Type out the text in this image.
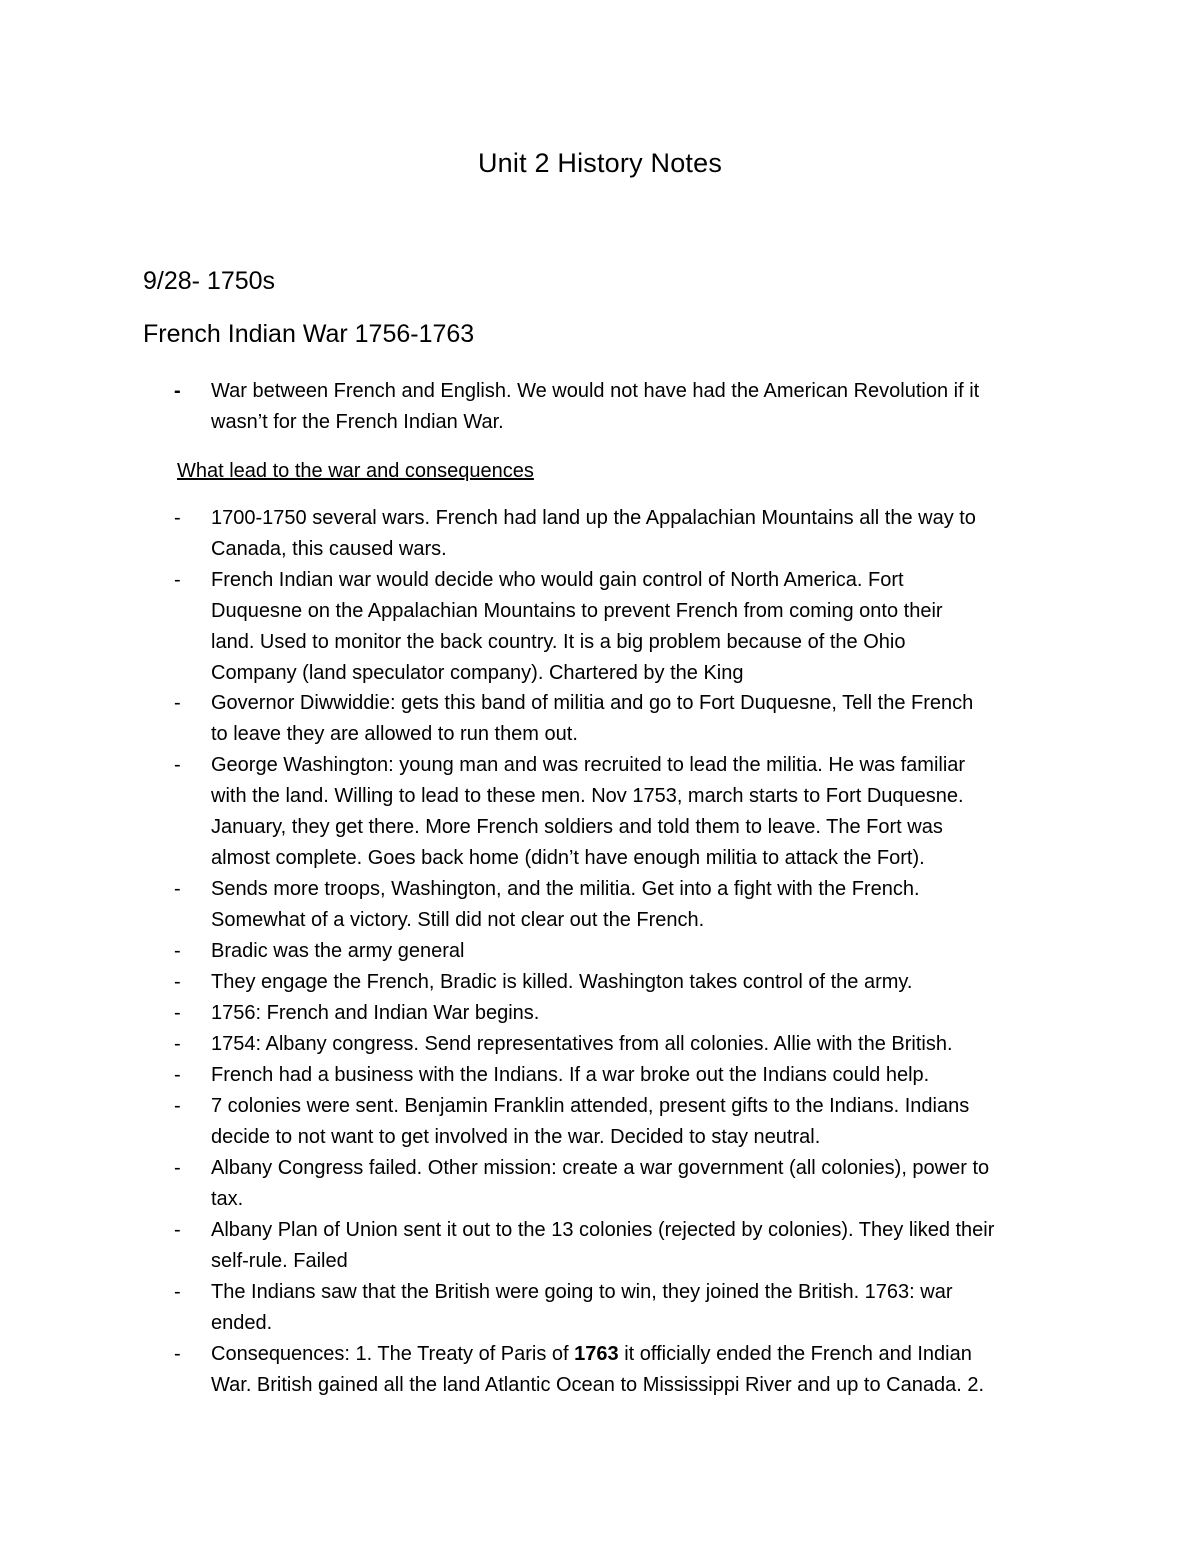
Unit 2 History Notes
9/28- 1750s
French Indian War 1756-1763
-	War between French and English. We would not have had the American Revolution if it
wasn’t for the French Indian War.
What lead to the war and consequences
-	1700-1750 several wars. French had land up the Appalachian Mountains all the way to
Canada, this caused wars.
-	French Indian war would decide who would gain control of North America. Fort
Duquesne on the Appalachian Mountains to prevent French from coming onto their
land. Used to monitor the back country. It is a big problem because of the Ohio
Company (land speculator company). Chartered by the King
-	Governor Diwwiddie: gets this band of militia and go to Fort Duquesne, Tell the French
to leave they are allowed to run them out.
-	George Washington: young man and was recruited to lead the militia. He was familiar
with the land. Willing to lead to these men. Nov 1753, march starts to Fort Duquesne.
January, they get there. More French soldiers and told them to leave. The Fort was
almost complete. Goes back home (didn’t have enough militia to attack the Fort).
-	Sends more troops, Washington, and the militia. Get into a fight with the French.
Somewhat of a victory. Still did not clear out the French.
-	Bradic was the army general
-	They engage the French, Bradic is killed. Washington takes control of the army.
-	1756: French and Indian War begins.
-	1754: Albany congress. Send representatives from all colonies. Allie with the British.
-	French had a business with the Indians. If a war broke out the Indians could help.
-	7 colonies were sent. Benjamin Franklin attended, present gifts to the Indians. Indians
decide to not want to get involved in the war. Decided to stay neutral.
-	Albany Congress failed. Other mission: create a war government (all colonies), power to
tax.
-	Albany Plan of Union sent it out to the 13 colonies (rejected by colonies). They liked their
self-rule. Failed
-	The Indians saw that the British were going to win, they joined the British. 1763: war
ended.
-	Consequences: 1. The Treaty of Paris of 1763 it officially ended the French and Indian
War. British gained all the land Atlantic Ocean to Mississippi River and up to Canada. 2.
